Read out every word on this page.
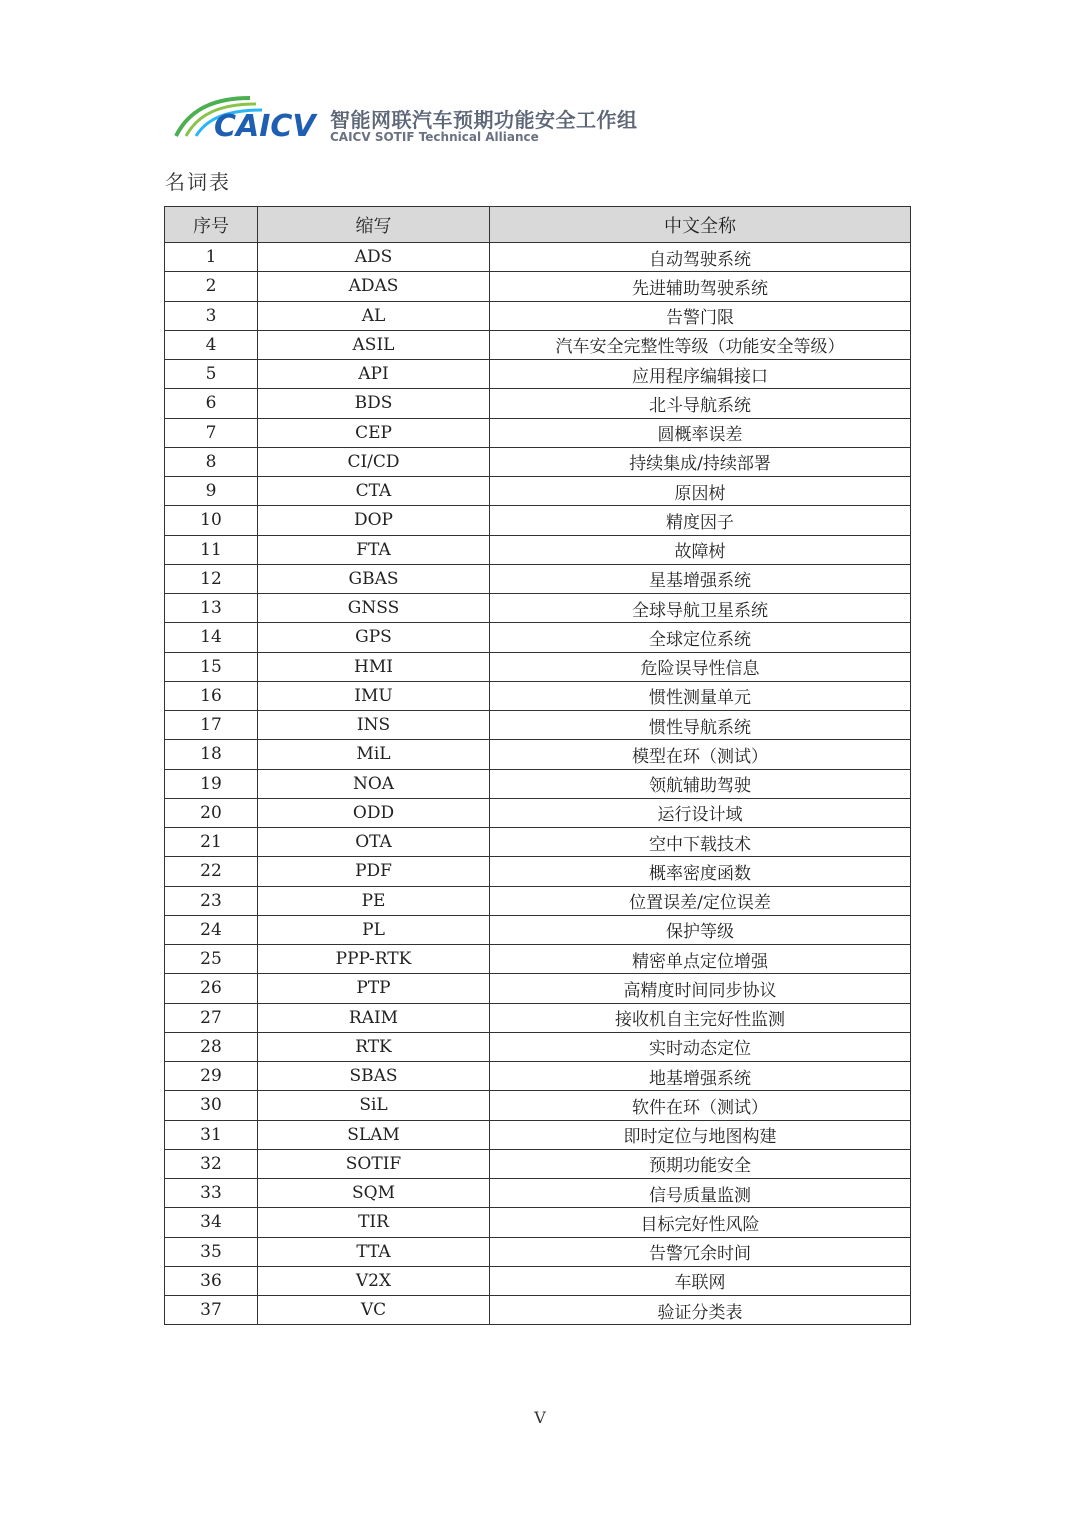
CAICV 智能网联汽车预期功能安全工作组
CAICV SOTIF Technical Alliance
名词表
序号	缩写	中文全称
1	ADS	自动驾驶系统
2	ADAS	先进辅助驾驶系统
3	AL	告警门限
4	ASIL	汽车安全完整性等级（功能安全等级）
5	API	应用程序编辑接口
6	BDS	北斗导航系统
7	CEP	圆概率误差
8	CI/CD	持续集成/持续部署
9	CTA	原因树
10	DOP	精度因子
11	FTA	故障树
12	GBAS	星基增强系统
13	GNSS	全球导航卫星系统
14	GPS	全球定位系统
15	HMI	危险误导性信息
16	IMU	惯性测量单元
17	INS	惯性导航系统
18	MiL	模型在环（测试）
19	NOA	领航辅助驾驶
20	ODD	运行设计域
21	OTA	空中下载技术
22	PDF	概率密度函数
23	PE	位置误差/定位误差
24	PL	保护等级
25	PPP-RTK	精密单点定位增强
26	PTP	高精度时间同步协议
27	RAIM	接收机自主完好性监测
28	RTK	实时动态定位
29	SBAS	地基增强系统
30	SiL	软件在环（测试）
31	SLAM	即时定位与地图构建
32	SOTIF	预期功能安全
33	SQM	信号质量监测
34	TIR	目标完好性风险
35	TTA	告警冗余时间
36	V2X	车联网
37	VC	验证分类表
V
